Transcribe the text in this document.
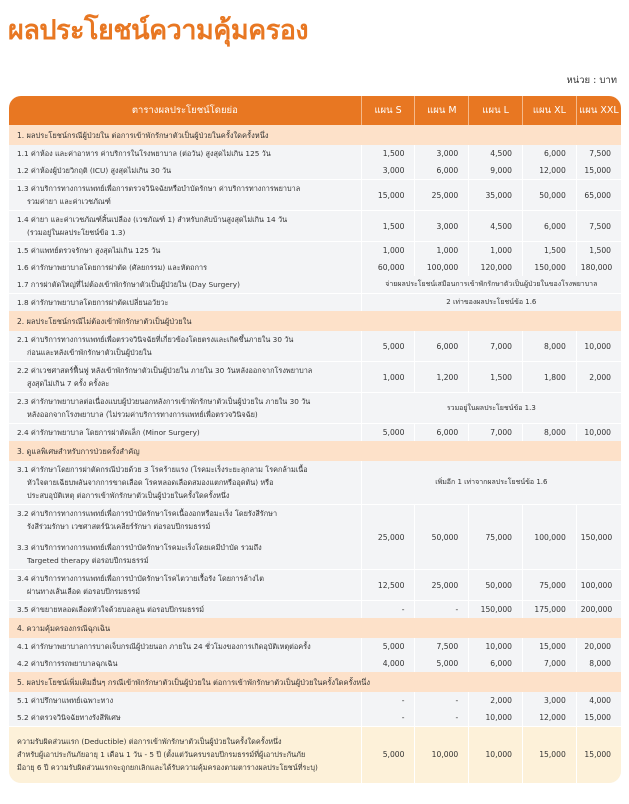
ผลประโยชน์ความคุ้มครอง
หน่วย : บาท
ตารางผลประโยชน์โดยย่อ	แผน S	แผน M	แผน L	แผน XL	แผน XXL
1. ผลประโยชน์กรณีผู้ป่วยใน ต่อการเข้าพักรักษาตัวเป็นผู้ป่วยในครั้งใดครั้งหนึ่ง					
1.1 ค่าห้อง และค่าอาหาร ค่าบริการในโรงพยาบาล (ต่อวัน) สูงสุดไม่เกิน 125 วัน	1,500	3,000	4,500	6,000	7,500
1.2 ค่าห้องผู้ป่วยวิกฤติ (ICU) สูงสุดไม่เกิน 30 วัน	3,000	6,000	9,000	12,000	15,000
1.3 ค่าบริการทางการแพทย์เพื่อการตรวจวินิจฉัยหรือบำบัดรักษา ค่าบริการทางการพยาบาล
รวมค่ายา และค่าเวชภัณฑ์	15,000	25,000	35,000	50,000	65,000
1.4 ค่ายา และค่าเวชภัณฑ์สิ้นเปลือง (เวชภัณฑ์ 1) สำหรับกลับบ้านสูงสุดไม่เกิน 14 วัน
(รวมอยู่ในผลประโยชน์ข้อ 1.3)	1,500	3,000	4,500	6,000	7,500
1.5 ค่าแพทย์ตรวจรักษา สูงสุดไม่เกิน 125 วัน	1,000	1,000	1,000	1,500	1,500
1.6 ค่ารักษาพยาบาลโดยการผ่าตัด (ศัลยกรรม) และหัตถการ	60,000	100,000	120,000	150,000	180,000
1.7 การผ่าตัดใหญ่ที่ไม่ต้องเข้าพักรักษาตัวเป็นผู้ป่วยใน (Day Surgery)	จ่ายผลประโยชน์เสมือนการเข้าพักรักษาตัวเป็นผู้ป่วยในของโรงพยาบาล				
1.8 ค่ารักษาพยาบาลโดยการผ่าตัดเปลี่ยนอวัยวะ	2 เท่าของผลประโยชน์ข้อ 1.6				
2. ผลประโยชน์กรณีไม่ต้องเข้าพักรักษาตัวเป็นผู้ป่วยใน					
2.1 ค่าบริการทางการแพทย์เพื่อตรวจวินิจฉัยที่เกี่ยวข้องโดยตรงและเกิดขึ้นภายใน 30 วัน
ก่อนและหลังเข้าพักรักษาตัวเป็นผู้ป่วยใน	5,000	6,000	7,000	8,000	10,000
2.2 ค่าเวชศาสตร์ฟื้นฟู หลังเข้าพักรักษาตัวเป็นผู้ป่วยใน ภายใน 30 วันหลังออกจากโรงพยาบาล
สูงสุดไม่เกิน 7 ครั้ง ครั้งละ	1,000	1,200	1,500	1,800	2,000
2.3 ค่ารักษาพยาบาลต่อเนื่องแบบผู้ป่วยนอกหลังการเข้าพักรักษาตัวเป็นผู้ป่วยใน ภายใน 30 วัน
หลังออกจากโรงพยาบาล (ไม่รวมค่าบริการทางการแพทย์เพื่อตรวจวินิจฉัย)	รวมอยู่ในผลประโยชน์ข้อ 1.3				
2.4 ค่ารักษาพยาบาล โดยการผ่าตัดเล็ก (Minor Surgery)	5,000	6,000	7,000	8,000	10,000
3. ดูแลพิเศษสำหรับการป่วยครั้งสำคัญ					
3.1 ค่ารักษาโดยการผ่าตัดกรณีป่วยด้วย 3 โรคร้ายแรง (โรคมะเร็งระยะลุกลาม โรคกล้ามเนื้อ
หัวใจตายเฉียบพลันจากการขาดเลือด โรคหลอดเลือดสมองแตกหรืออุดตัน) หรือ
ประสบอุบัติเหตุ ต่อการเข้าพักรักษาตัวเป็นผู้ป่วยในครั้งใดครั้งหนึ่ง	เพิ่มอีก 1 เท่าจากผลประโยชน์ข้อ 1.6				
3.2 ค่าบริการทางการแพทย์เพื่อการบำบัดรักษาโรคเนื้องอกหรือมะเร็ง โดยรังสีรักษา
รังสีร่วมรักษา เวชศาสตร์นิวเคลียร์รักษา ต่อรอบปีกรมธรรม์
3.3 ค่าบริการทางการแพทย์เพื่อการบำบัดรักษาโรคมะเร็งโดยเคมีบำบัด รวมถึง
Targeted therapy ต่อรอบปีกรมธรรม์	25,000	50,000	75,000	100,000	150,000
3.4 ค่าบริการทางการแพทย์เพื่อการบำบัดรักษาโรคไตวายเรื้อรัง โดยการล้างไต
ผ่านทางเส้นเลือด ต่อรอบปีกรมธรรม์	12,500	25,000	50,000	75,000	100,000
3.5 ค่าขยายหลอดเลือดหัวใจด้วยบอลลูน ต่อรอบปีกรมธรรม์	-	-	150,000	175,000	200,000
4. ความคุ้มครองกรณีฉุกเฉิน					
4.1 ค่ารักษาพยาบาลการบาดเจ็บกรณีผู้ป่วยนอก ภายใน 24 ชั่วโมงของการเกิดอุบัติเหตุต่อครั้ง	5,000	7,500	10,000	15,000	20,000
4.2 ค่าบริการรถพยาบาลฉุกเฉิน	4,000	5,000	6,000	7,000	8,000
5. ผลประโยชน์เพิ่มเติมอื่นๆ กรณีเข้าพักรักษาตัวเป็นผู้ป่วยใน ต่อการเข้าพักรักษาตัวเป็นผู้ป่วยในครั้งใดครั้งหนึ่ง					
5.1 ค่าปรึกษาแพทย์เฉพาะทาง	-	-	2,000	3,000	4,000
5.2 ค่าตรวจวินิจฉัยทางรังสีพิเศษ	-	-	10,000	12,000	15,000

ความรับผิดส่วนแรก (Deductible) ต่อการเข้าพักรักษาตัวเป็นผู้ป่วยในครั้งใดครั้งหนึ่ง
สำหรับผู้เอาประกันภัยอายุ 1 เดือน 1 วัน - 5 ปี (ตั้งแต่วันครบรอบปีกรมธรรม์ที่ผู้เอาประกันภัย
มีอายุ 6 ปี ความรับผิดส่วนแรกจะถูกยกเลิกและได้รับความคุ้มครองตามตารางผลประโยชน์ที่ระบุ)	5,000	10,000	10,000	15,000	15,000
